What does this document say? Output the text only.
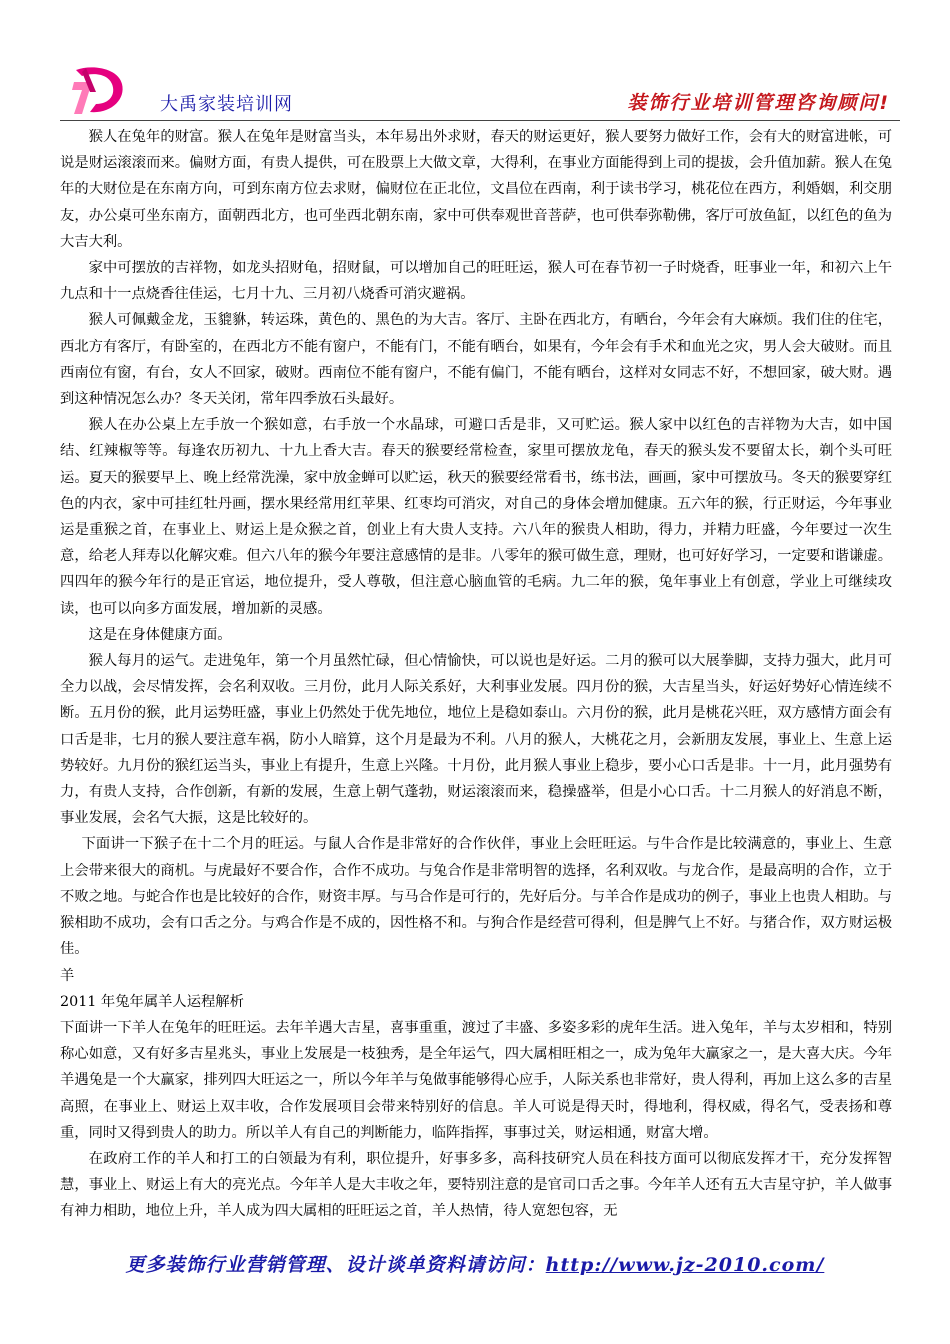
大禹家装培训网	装饰行业培训管理咨询顾问!

猴人在兔年的财富。猴人在兔年是财富当头，本年易出外求财，春天的财运更好，猴人要努力做好工作，会有大的财富进帐，可说是财运滚滚而来。偏财方面，有贵人提供，可在股票上大做文章，大得利，在事业方面能得到上司的提拔，会升值加薪。猴人在兔年的大财位是在东南方向，可到东南方位去求财，偏财位在正北位，文昌位在西南，利于读书学习，桃花位在西方，利婚姻，利交朋友，办公桌可坐东南方，面朝西北方，也可坐西北朝东南，家中可供奉观世音菩萨，也可供奉弥勒佛，客厅可放鱼缸，以红色的鱼为大吉大利。

家中可摆放的吉祥物，如龙头招财龟，招财鼠，可以增加自己的旺旺运，猴人可在春节初一子时烧香，旺事业一年，和初六上午九点和十一点烧香往佳运，七月十九、三月初八烧香可消灾避祸。

猴人可佩戴金龙，玉貔貅，转运珠，黄色的、黑色的为大吉。客厅、主卧在西北方，有晒台，今年会有大麻烦。我们住的住宅，西北方有客厅，有卧室的，在西北方不能有窗户，不能有门，不能有晒台，如果有，今年会有手术和血光之灾，男人会大破财。而且西南位有窗，有台，女人不回家，破财。西南位不能有窗户，不能有偏门，不能有晒台，这样对女同志不好，不想回家，破大财。遇到这种情况怎么办？冬天关闭，常年四季放石头最好。

猴人在办公桌上左手放一个猴如意，右手放一个水晶球，可避口舌是非，又可贮运。猴人家中以红色的吉祥物为大吉，如中国结、红辣椒等等。每逢农历初九、十九上香大吉。春天的猴要经常检查，家里可摆放龙龟，春天的猴头发不要留太长，剃个头可旺运。夏天的猴要早上、晚上经常洗澡，家中放金蝉可以贮运，秋天的猴要经常看书，练书法，画画，家中可摆放马。冬天的猴要穿红色的内衣，家中可挂红牡丹画，摆水果经常用红苹果、红枣均可消灾，对自己的身体会增加健康。五六年的猴，行正财运，今年事业运是重猴之首，在事业上、财运上是众猴之首，创业上有大贵人支持。六八年的猴贵人相助，得力，并精力旺盛，今年要过一次生意，给老人拜寿以化解灾难。但六八年的猴今年要注意感情的是非。八零年的猴可做生意，理财，也可好好学习，一定要和谐谦虚。四四年的猴今年行的是正官运，地位提升，受人尊敬，但注意心脑血管的毛病。九二年的猴，兔年事业上有创意，学业上可继续攻读，也可以向多方面发展，增加新的灵感。

这是在身体健康方面。

猴人每月的运气。走进兔年，第一个月虽然忙碌，但心情愉快，可以说也是好运。二月的猴可以大展拳脚，支持力强大，此月可全力以战，会尽情发挥，会名利双收。三月份，此月人际关系好，大利事业发展。四月份的猴，大吉星当头，好运好势好心情连续不断。五月份的猴，此月运势旺盛，事业上仍然处于优先地位，地位上是稳如泰山。六月份的猴，此月是桃花兴旺，双方感情方面会有口舌是非，七月的猴人要注意车祸，防小人暗算，这个月是最为不利。八月的猴人，大桃花之月，会新朋友发展，事业上、生意上运势较好。九月份的猴红运当头，事业上有提升，生意上兴隆。十月份，此月猴人事业上稳步，要小心口舌是非。十一月，此月强势有力，有贵人支持，合作创新，有新的发展，生意上朝气蓬勃，财运滚滚而来，稳操盛举，但是小心口舌。十二月猴人的好消息不断，事业发展，会名气大振，这是比较好的。

下面讲一下猴子在十二个月的旺运。与鼠人合作是非常好的合作伙伴，事业上会旺旺运。与牛合作是比较满意的，事业上、生意上会带来很大的商机。与虎最好不要合作，合作不成功。与兔合作是非常明智的选择，名利双收。与龙合作，是最高明的合作，立于不败之地。与蛇合作也是比较好的合作，财资丰厚。与马合作是可行的，先好后分。与羊合作是成功的例子，事业上也贵人相助。与猴相助不成功，会有口舌之分。与鸡合作是不成的，因性格不和。与狗合作是经营可得利，但是脾气上不好。与猪合作，双方财运极佳。

羊

2011 年兔年属羊人运程解析

下面讲一下羊人在兔年的旺旺运。去年羊遇大吉星，喜事重重，渡过了丰盛、多姿多彩的虎年生活。进入兔年，羊与太岁相和，特别称心如意，又有好多吉星兆头，事业上发展是一枝独秀，是全年运气，四大属相旺相之一，成为兔年大赢家之一，是大喜大庆。今年羊遇兔是一个大赢家，排列四大旺运之一，所以今年羊与兔做事能够得心应手，人际关系也非常好，贵人得利，再加上这么多的吉星高照，在事业上、财运上双丰收，合作发展项目会带来特别好的信息。羊人可说是得天时，得地利，得权威，得名气，受表扬和尊重，同时又得到贵人的助力。所以羊人有自己的判断能力，临阵指挥，事事过关，财运相通，财富大增。

在政府工作的羊人和打工的白领最为有利，职位提升，好事多多，高科技研究人员在科技方面可以彻底发挥才干，充分发挥智慧，事业上、财运上有大的亮光点。今年羊人是大丰收之年，要特别注意的是官司口舌之事。今年羊人还有五大吉星守护，羊人做事有神力相助，地位上升，羊人成为四大属相的旺旺运之首，羊人热情，待人宽恕包容，无

更多装饰行业营销管理、设计谈单资料请访问：http://www.jz-2010.com/
